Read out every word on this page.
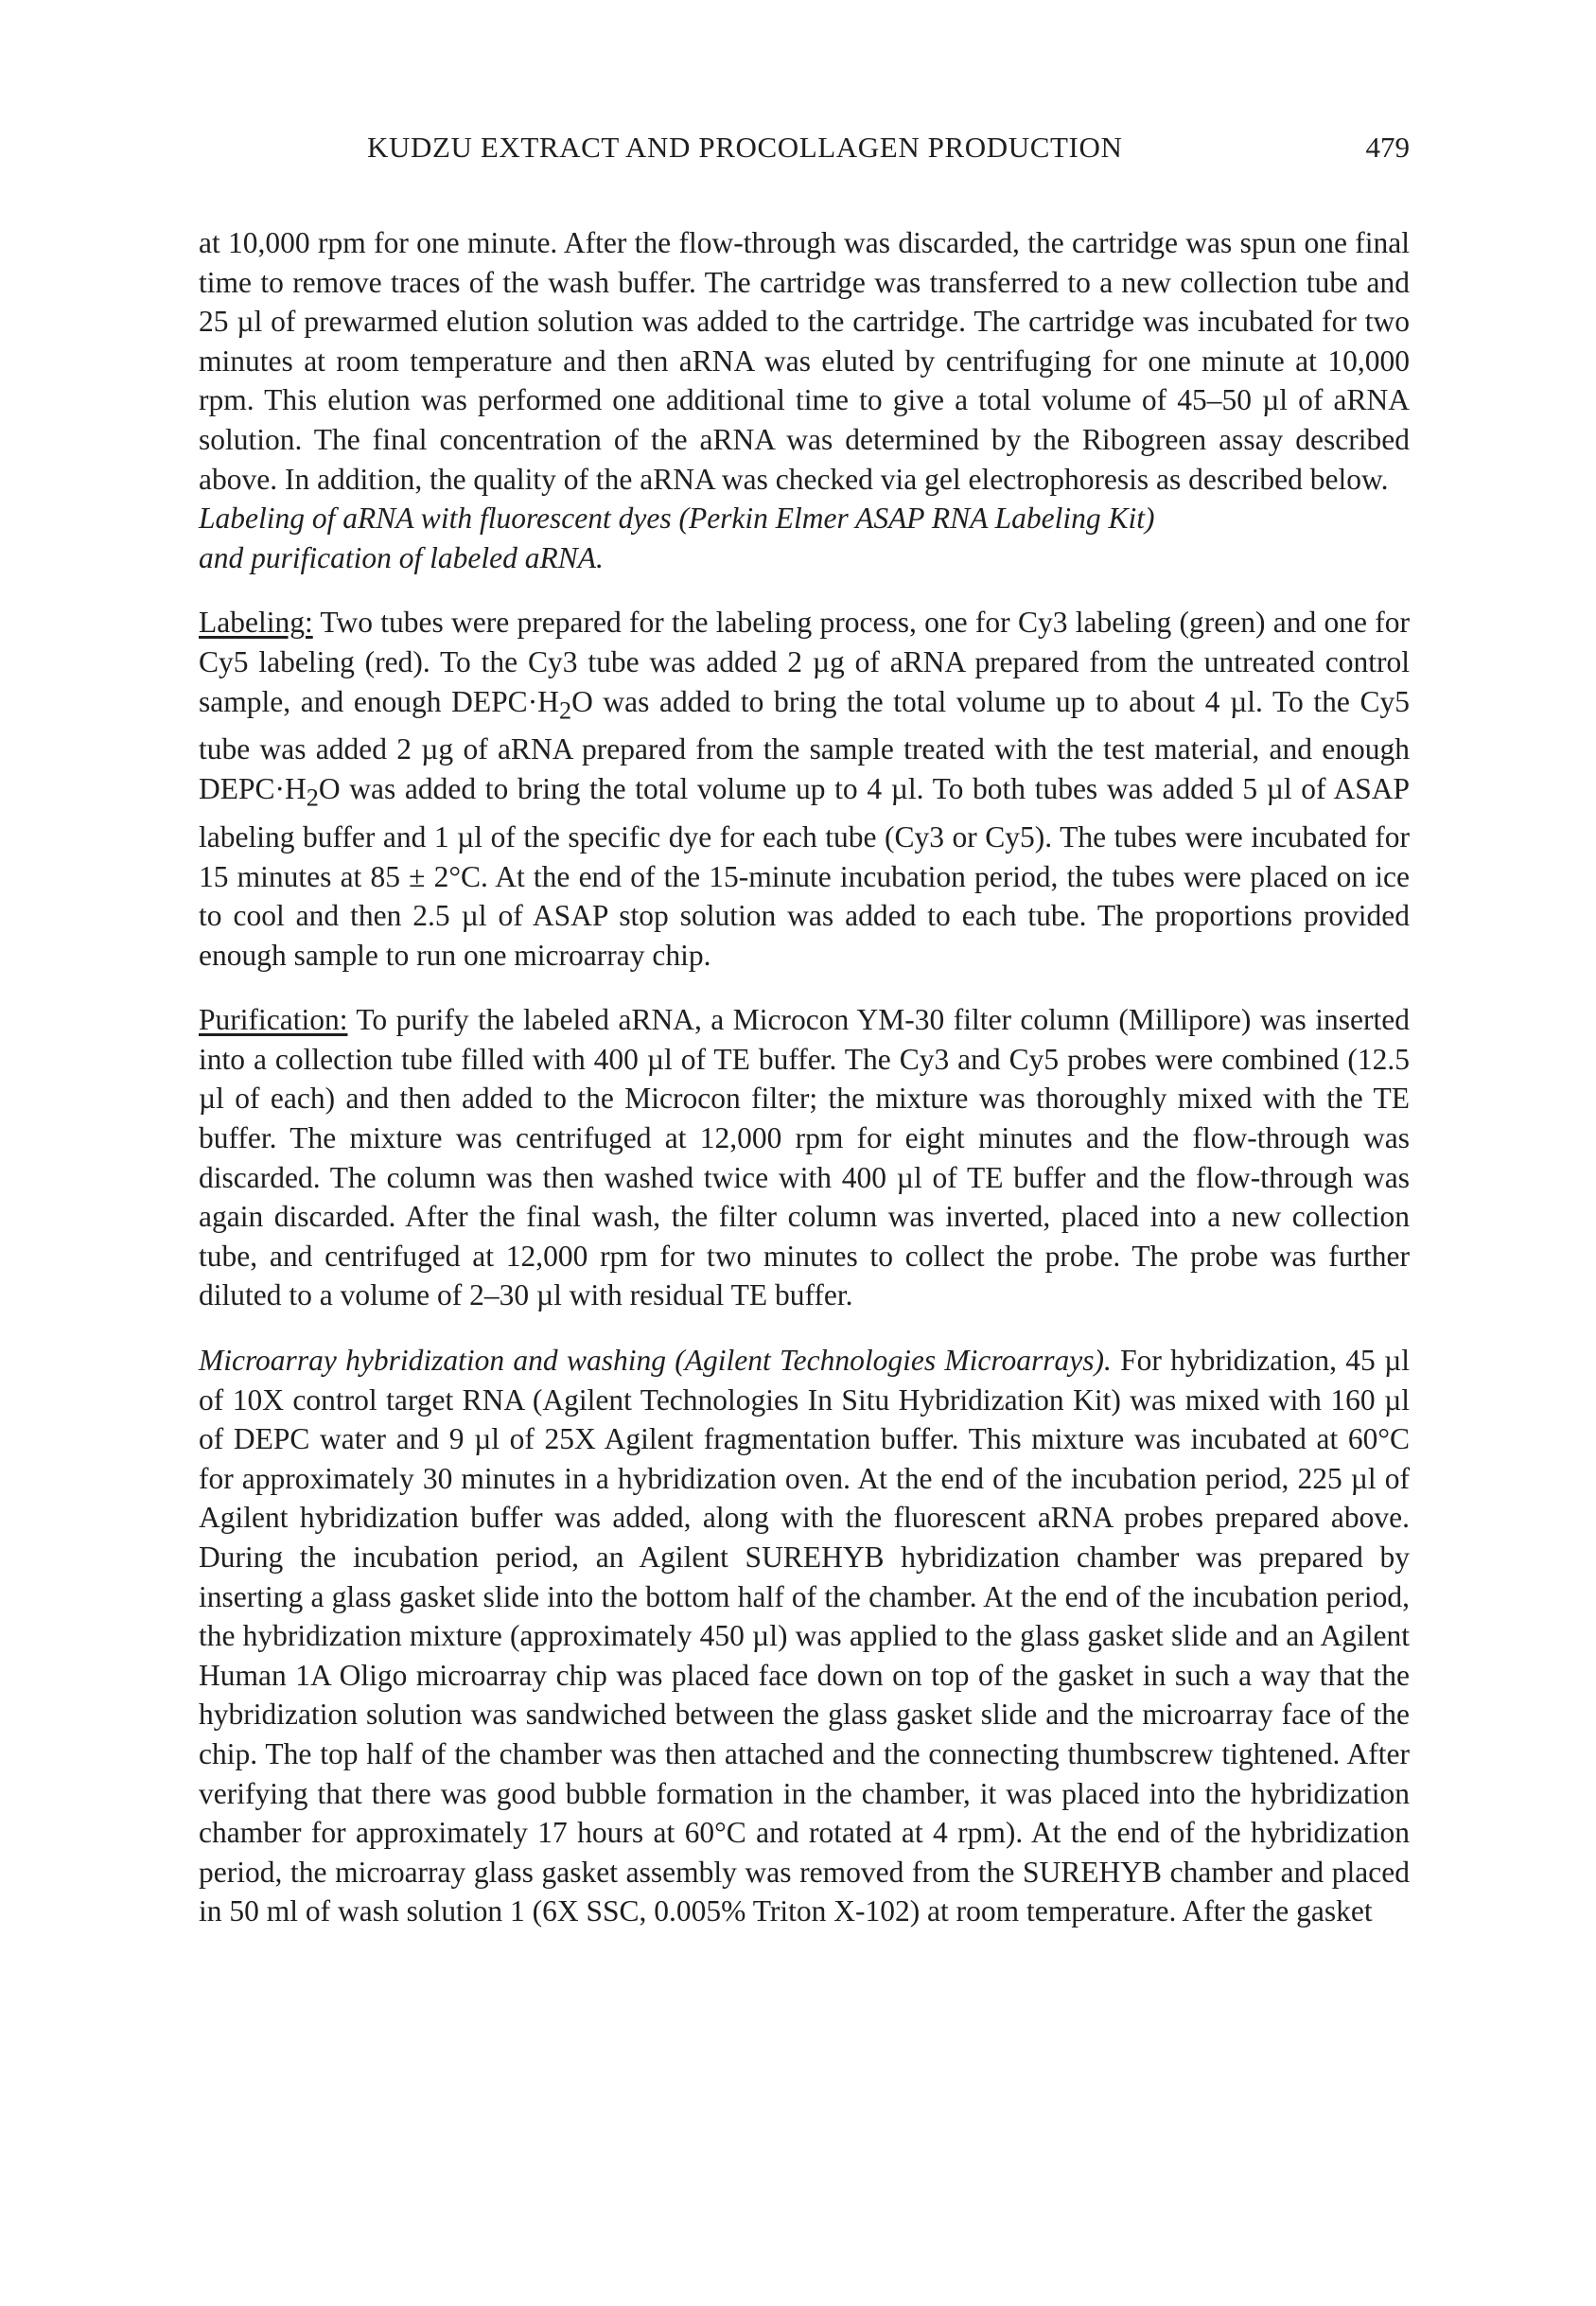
KUDZU EXTRACT AND PROCOLLAGEN PRODUCTION	479

at 10,000 rpm for one minute. After the flow-through was discarded, the cartridge was spun one final time to remove traces of the wash buffer. The cartridge was transferred to a new collection tube and 25 µl of prewarmed elution solution was added to the cartridge. The cartridge was incubated for two minutes at room temperature and then aRNA was eluted by centrifuging for one minute at 10,000 rpm. This elution was performed one additional time to give a total volume of 45–50 µl of aRNA solution. The final concentration of the aRNA was determined by the Ribogreen assay described above. In addition, the quality of the aRNA was checked via gel electrophoresis as described below.

Labeling of aRNA with fluorescent dyes (Perkin Elmer ASAP RNA Labeling Kit)
and purification of labeled aRNA.

Labeling: Two tubes were prepared for the labeling process, one for Cy3 labeling (green) and one for Cy5 labeling (red). To the Cy3 tube was added 2 µg of aRNA prepared from the untreated control sample, and enough $DEPC\cdot H_2O$ was added to bring the total volume up to about 4 µl. To the Cy5 tube was added 2 µg of aRNA prepared from the sample treated with the test material, and enough $DEPC\cdot H_2O$ was added to bring the total volume up to 4 µl. To both tubes was added 5 µl of ASAP labeling buffer and 1 µl of the specific dye for each tube (Cy3 or Cy5). The tubes were incubated for 15 minutes at 85 ± 2°C. At the end of the 15-minute incubation period, the tubes were placed on ice to cool and then 2.5 µl of ASAP stop solution was added to each tube. The proportions provided enough sample to run one microarray chip.

Purification: To purify the labeled aRNA, a Microcon YM-30 filter column (Millipore) was inserted into a collection tube filled with 400 µl of TE buffer. The Cy3 and Cy5 probes were combined (12.5 µl of each) and then added to the Microcon filter; the mixture was thoroughly mixed with the TE buffer. The mixture was centrifuged at 12,000 rpm for eight minutes and the flow-through was discarded. The column was then washed twice with 400 µl of TE buffer and the flow-through was again discarded. After the final wash, the filter column was inverted, placed into a new collection tube, and centrifuged at 12,000 rpm for two minutes to collect the probe. The probe was further diluted to a volume of 2–30 µl with residual TE buffer.

Microarray hybridization and washing (Agilent Technologies Microarrays). For hybridization, 45 µl of 10X control target RNA (Agilent Technologies In Situ Hybridization Kit) was mixed with 160 µl of DEPC water and 9 µl of 25X Agilent fragmentation buffer. This mixture was incubated at 60°C for approximately 30 minutes in a hybridization oven. At the end of the incubation period, 225 µl of Agilent hybridization buffer was added, along with the fluorescent aRNA probes prepared above. During the incubation period, an Agilent SUREHYB hybridization chamber was prepared by inserting a glass gasket slide into the bottom half of the chamber. At the end of the incubation period, the hybridization mixture (approximately 450 µl) was applied to the glass gasket slide and an Agilent Human 1A Oligo microarray chip was placed face down on top of the gasket in such a way that the hybridization solution was sandwiched between the glass gasket slide and the microarray face of the chip. The top half of the chamber was then attached and the connecting thumbscrew tightened. After verifying that there was good bubble formation in the chamber, it was placed into the hybridization chamber for approximately 17 hours at 60°C and rotated at 4 rpm). At the end of the hybridization period, the microarray glass gasket assembly was removed from the SUREHYB chamber and placed in 50 ml of wash solution 1 (6X SSC, 0.005% Triton X-102) at room temperature. After the gasket
